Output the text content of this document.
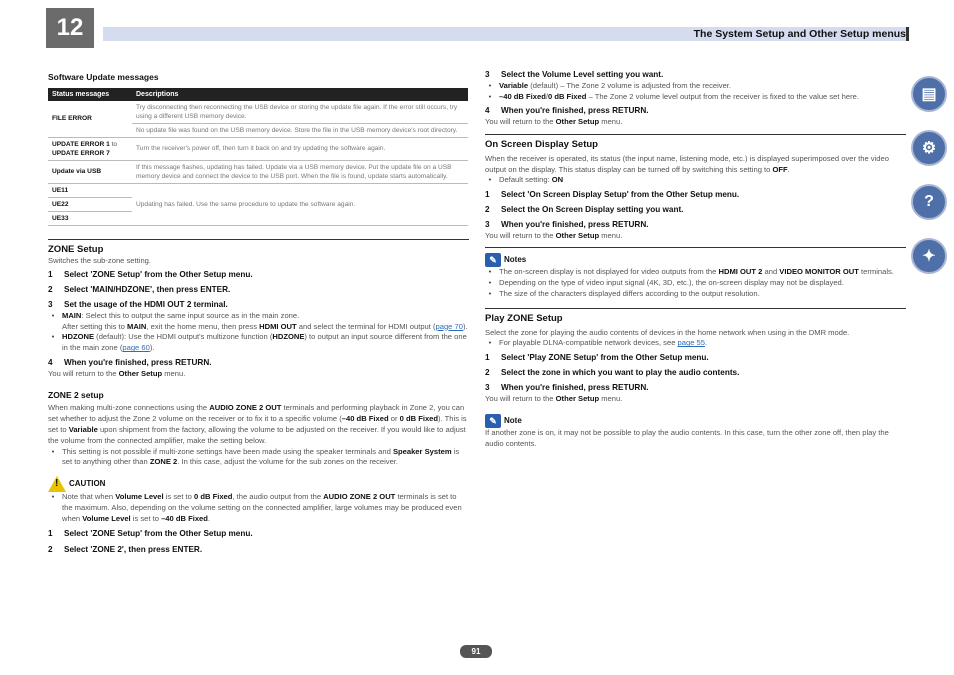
12	The System Setup and Other Setup menus
Software Update messages
Status messages	Descriptions
FILE ERROR	Try disconnecting then reconnecting the USB device or storing the update file again. If the error still occurs, try using a different USB memory device.
	No update file was found on the USB memory device. Store the file in the USB memory device's root directory.
UPDATE ERROR 1 to
UPDATE ERROR 7	Turn the receiver's power off, then turn it back on and try updating the software again.
Update via USB	If this message flashes, updating has failed. Update via a USB memory device. Put the update file on a USB memory device and connect the device to the USB port. When the file is found, update starts automatically.
UE11	Updating has failed. Use the same procedure to update the software again.
UE22	
UE33	
ZONE Setup
Switches the sub-zone setting.
1	Select 'ZONE Setup' from the Other Setup menu.
2	Select 'MAIN/HDZONE', then press ENTER.
3	Set the usage of the HDMI OUT 2 terminal.
•	MAIN: Select this to output the same input source as in the main zone.
After setting this to MAIN, exit the home menu, then press HDMI OUT and select the terminal for HDMI output (page 70).
•	HDZONE (default): Use the HDMI output's multizone function (HDZONE) to output an input source different from the one in the main zone (page 60).
4	When you're finished, press RETURN.
You will return to the Other Setup menu.
ZONE 2 setup
When making multi-zone connections using the AUDIO ZONE 2 OUT terminals and performing playback in Zone 2, you can set whether to adjust the Zone 2 volume on the receiver or to fix it to a specific volume (–40 dB Fixed or 0 dB Fixed). This is set to Variable upon shipment from the factory, allowing the volume to be adjusted on the receiver. If you would like to adjust the volume from the connected amplifier, make the setting below.
•	This setting is not possible if multi-zone settings have been made using the speaker terminals and Speaker System is set to anything other than ZONE 2. In this case, adjust the volume for the sub zones on the receiver.
! CAUTION
•	Note that when Volume Level is set to 0 dB Fixed, the audio output from the AUDIO ZONE 2 OUT terminals is set to the maximum. Also, depending on the volume setting on the connected amplifier, large volumes may be produced even when Volume Level is set to –40 dB Fixed.
1	Select 'ZONE Setup' from the Other Setup menu.
2	Select 'ZONE 2', then press ENTER.
3	Select the Volume Level setting you want.
•	Variable (default) – The Zone 2 volume is adjusted from the receiver.
•	–40 dB Fixed/0 dB Fixed – The Zone 2 volume level output from the receiver is fixed to the value set here.
4	When you're finished, press RETURN.
You will return to the Other Setup menu.
On Screen Display Setup
When the receiver is operated, its status (the input name, listening mode, etc.) is displayed superimposed over the video output on the display. This status display can be turned off by switching this setting to OFF.
•	Default setting: ON
1	Select 'On Screen Display Setup' from the Other Setup menu.
2	Select the On Screen Display setting you want.
3	When you're finished, press RETURN.
You will return to the Other Setup menu.
✎ Notes
•	The on-screen display is not displayed for video outputs from the HDMI OUT 2 and VIDEO MONITOR OUT terminals.
•	Depending on the type of video input signal (4K, 3D, etc.), the on-screen display may not be displayed.
•	The size of the characters displayed differs according to the output resolution.
Play ZONE Setup
Select the zone for playing the audio contents of devices in the home network when using in the DMR mode.
•	For playable DLNA-compatible network devices, see page 55.
1	Select 'Play ZONE Setup' from the Other Setup menu.
2	Select the zone in which you want to play the audio contents.
3	When you're finished, press RETURN.
You will return to the Other Setup menu.
✎ Note
If another zone is on, it may not be possible to play the audio contents. In this case, turn the other zone off, then play the audio contents.
▤
⚙
?
✦
91
